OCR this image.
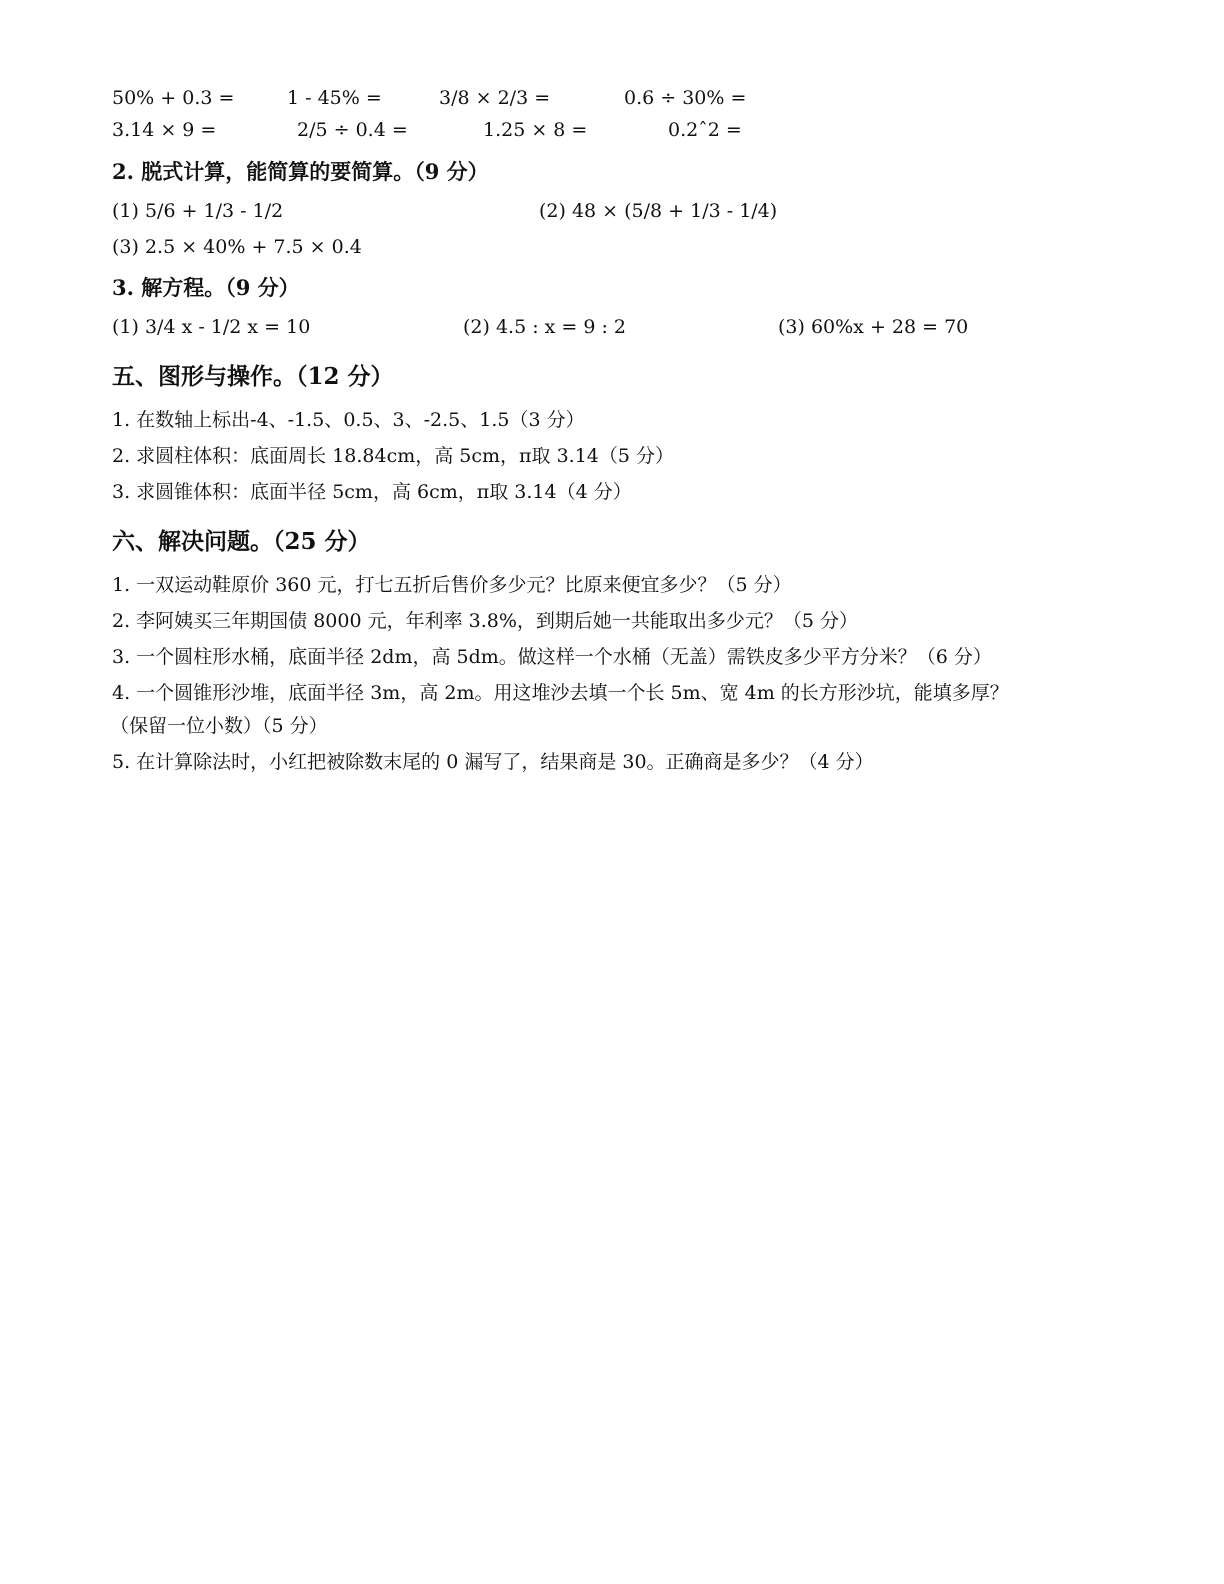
50% + 0.3 =	1 - 45% =	3/8 × 2/3 =	0.6 ÷ 30% =
3.14 × 9 =	2/5 ÷ 0.4 =	1.25 × 8 =	0.2ˆ2 =
2. 脱式计算，能简算的要简算。（9 分）
(1) 5/6 + 1/3 - 1/2	(2) 48 × (5/8 + 1/3 - 1/4)
(3) 2.5 × 40% + 7.5 × 0.4
3. 解方程。（9 分）
(1) 3/4 x - 1/2 x = 10	(2) 4.5 : x = 9 : 2	(3) 60%x + 28 = 70
五、图形与操作。（12 分）
1. 在数轴上标出-4、-1.5、0.5、3、-2.5、1.5（3 分）
2. 求圆柱体积：底面周长 18.84cm，高 5cm，π取 3.14（5 分）
3. 求圆锥体积：底面半径 5cm，高 6cm，π取 3.14（4 分）
六、解决问题。（25 分）
1. 一双运动鞋原价 360 元，打七五折后售价多少元？比原来便宜多少？（5 分）
2. 李阿姨买三年期国债 8000 元，年利率 3.8%，到期后她一共能取出多少元？（5 分）
3. 一个圆柱形水桶，底面半径 2dm，高 5dm。做这样一个水桶（无盖）需铁皮多少平方分米？（6 分）
4. 一个圆锥形沙堆，底面半径 3m，高 2m。用这堆沙去填一个长 5m、宽 4m 的长方形沙坑，能填多厚？
（保留一位小数）（5 分）
5. 在计算除法时，小红把被除数末尾的 0 漏写了，结果商是 30。正确商是多少？（4 分）
